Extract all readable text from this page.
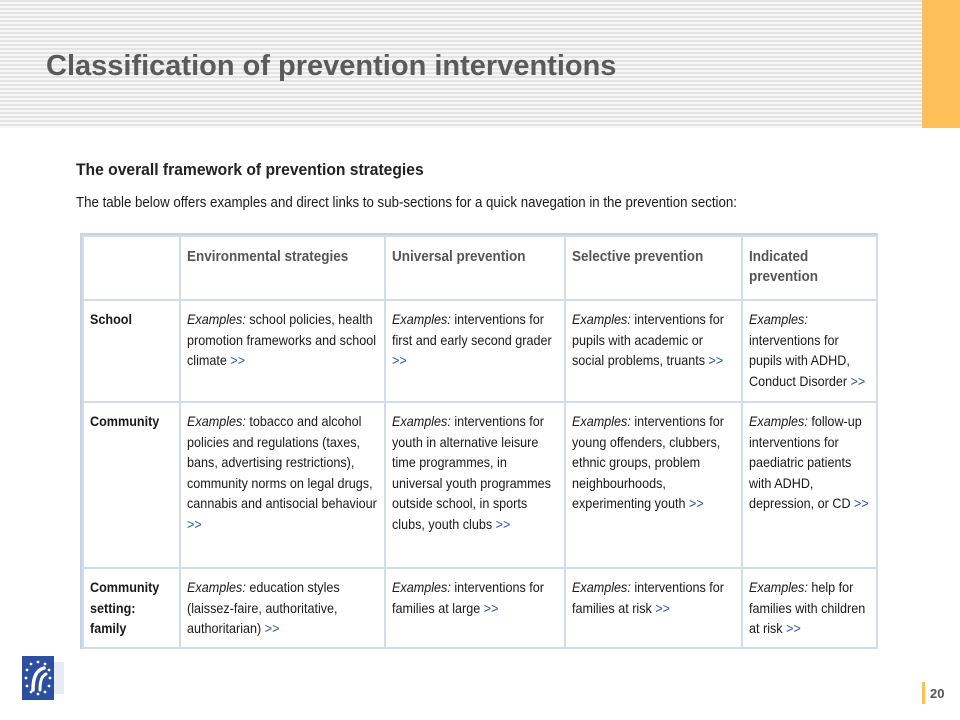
Classification of prevention interventions
The overall framework of prevention strategies

The table below offers examples and direct links to sub-sections for a quick navegation in the prevention section:

	Environmental strategies	Universal prevention	Selective prevention	Indicated prevention

School	Examples: school policies, health promotion frameworks and school climate >>	Examples: interventions for first and early second grader >>	Examples: interventions for pupils with academic or social problems, truants >>	Examples: interventions for pupils with ADHD, Conduct Disorder >>

Community	Examples: tobacco and alcohol policies and regulations (taxes, bans, advertising restrictions), community norms on legal drugs, cannabis and antisocial behaviour >>	Examples: interventions for youth in alternative leisure time programmes, in universal youth programmes outside school, in sports clubs, youth clubs >>	Examples: interventions for young offenders, clubbers, ethnic groups, problem neighbourhoods, experimenting youth >>	Examples: follow-up interventions for paediatric patients with ADHD, depression, or CD >>

Community setting: family	Examples: education styles (laissez-faire, authoritative, authoritarian) >>	Examples: interventions for families at large >>	Examples: interventions for families at risk >>	Examples: help for families with children at risk >>
20
